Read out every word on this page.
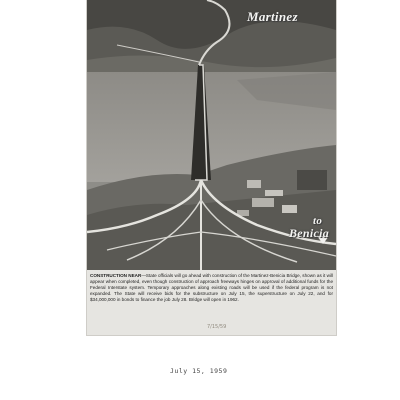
Martinez
to
Benicia
CONSTRUCTION NEAR—State officials will go ahead with construction of the Martinez-Benicia Bridge, shown as it will appear when completed, even though construction of approach freeways hinges on approval of additional funds for the Federal Interstate system. Temporary approaches along existing roads will be used if the federal program is not expanded. The State will receive bids for the substructure on July 15, the superstructure on July 22, and for $34,000,000 in bonds to finance the job July 28. Bridge will open in 1962.
7/15/59
July 15, 1959
